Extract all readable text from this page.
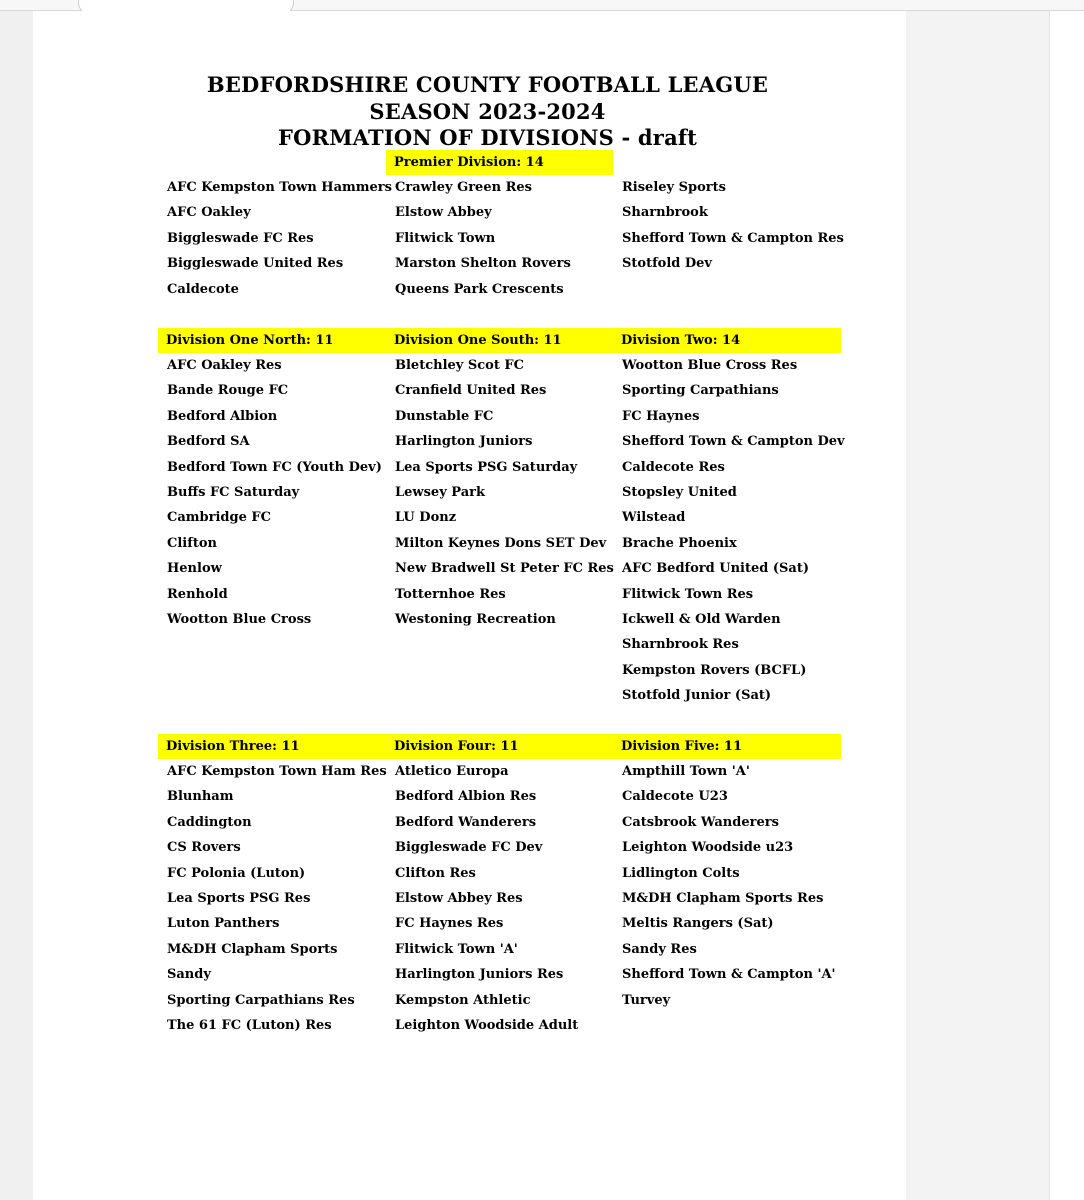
BEDFORDSHIRE COUNTY FOOTBALL LEAGUE
SEASON 2023-2024
FORMATION OF DIVISIONS - draft
Premier Division: 14
AFC Kempston Town Hammers
AFC Oakley
Biggleswade FC Res
Biggleswade United Res
Caldecote
Crawley Green Res
Elstow Abbey
Flitwick Town
Marston Shelton Rovers
Queens Park Crescents
Riseley Sports
Sharnbrook
Shefford Town & Campton Res
Stotfold Dev
Division One North: 11
AFC Oakley Res
Bande Rouge FC
Bedford Albion
Bedford SA
Bedford Town FC (Youth Dev)
Buffs FC Saturday
Cambridge FC
Clifton
Henlow
Renhold
Wootton Blue Cross
Division One South: 11
Bletchley Scot FC
Cranfield United Res
Dunstable FC
Harlington Juniors
Lea Sports PSG Saturday
Lewsey Park
LU Donz
Milton Keynes Dons SET Dev
New Bradwell St Peter FC Res
Totternhoe Res
Westoning Recreation
Division Two: 14
Wootton Blue Cross Res
Sporting Carpathians
FC Haynes
Shefford Town & Campton Dev
Caldecote Res
Stopsley United
Wilstead
Brache Phoenix
AFC Bedford United (Sat)
Flitwick Town Res
Ickwell & Old Warden
Sharnbrook Res
Kempston Rovers (BCFL)
Stotfold Junior (Sat)
Division Three: 11
AFC Kempston Town Ham Res
Blunham
Caddington
CS Rovers
FC Polonia (Luton)
Lea Sports PSG Res
Luton Panthers
M&DH Clapham Sports
Sandy
Sporting Carpathians Res
The 61 FC (Luton) Res
Division Four: 11
Atletico Europa
Bedford Albion Res
Bedford Wanderers
Biggleswade FC Dev
Clifton Res
Elstow Abbey Res
FC Haynes Res
Flitwick Town 'A'
Harlington Juniors Res
Kempston Athletic
Leighton Woodside Adult
Division Five: 11
Ampthill Town 'A'
Caldecote U23
Catsbrook Wanderers
Leighton Woodside u23
Lidlington Colts
M&DH Clapham Sports Res
Meltis Rangers (Sat)
Sandy Res
Shefford Town & Campton 'A'
Turvey
